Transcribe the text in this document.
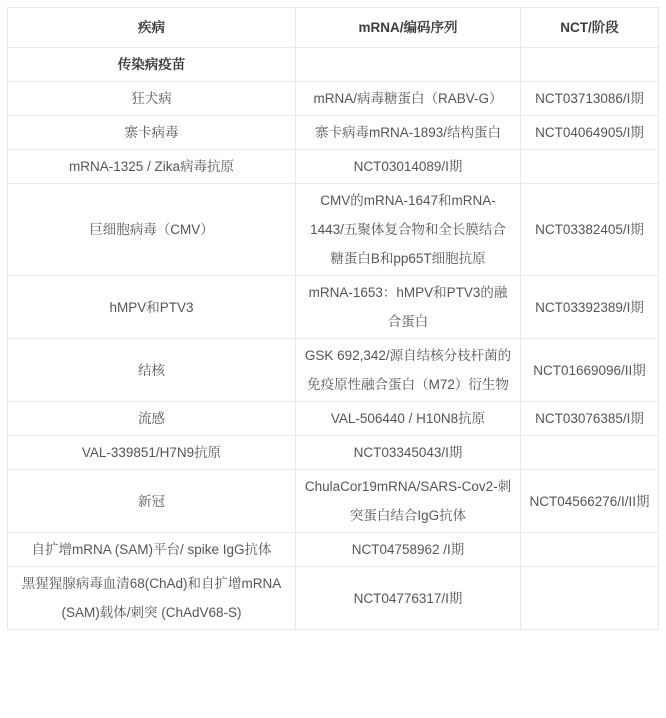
疾病	mRNA/编码序列	NCT/阶段
传染病疫苗		
狂犬病	mRNA/病毒糖蛋白（RABV-G）	NCT03713086/I期
寨卡病毒	寨卡病毒mRNA-1893/结构蛋白	NCT04064905/I期
mRNA-1325 / Zika病毒抗原	NCT03014089/I期	
巨细胞病毒（CMV）	CMV的mRNA-1647和mRNA-1443/五聚体复合物和全长膜结合糖蛋白B和pp65T细胞抗原	NCT03382405/I期
hMPV和PTV3	mRNA-1653：hMPV和PTV3的融合蛋白	NCT03392389/I期
结核	GSK 692,342/源自结核分枝杆菌的免疫原性融合蛋白（M72）衍生物	NCT01669096/II期
流感	VAL-506440 / H10N8抗原	NCT03076385/I期
VAL-339851/H7N9抗原	NCT03345043/I期	
新冠	ChulaCor19mRNA/SARS-Cov2-刺突蛋白结合IgG抗体	NCT04566276/I/II期
自扩增mRNA (SAM)平台/ spike IgG抗体	NCT04758962 /I期	
黑猩猩腺病毒血清68(ChAd)和自扩增mRNA (SAM)载体/刺突 (ChAdV68-S)	NCT04776317/I期	
